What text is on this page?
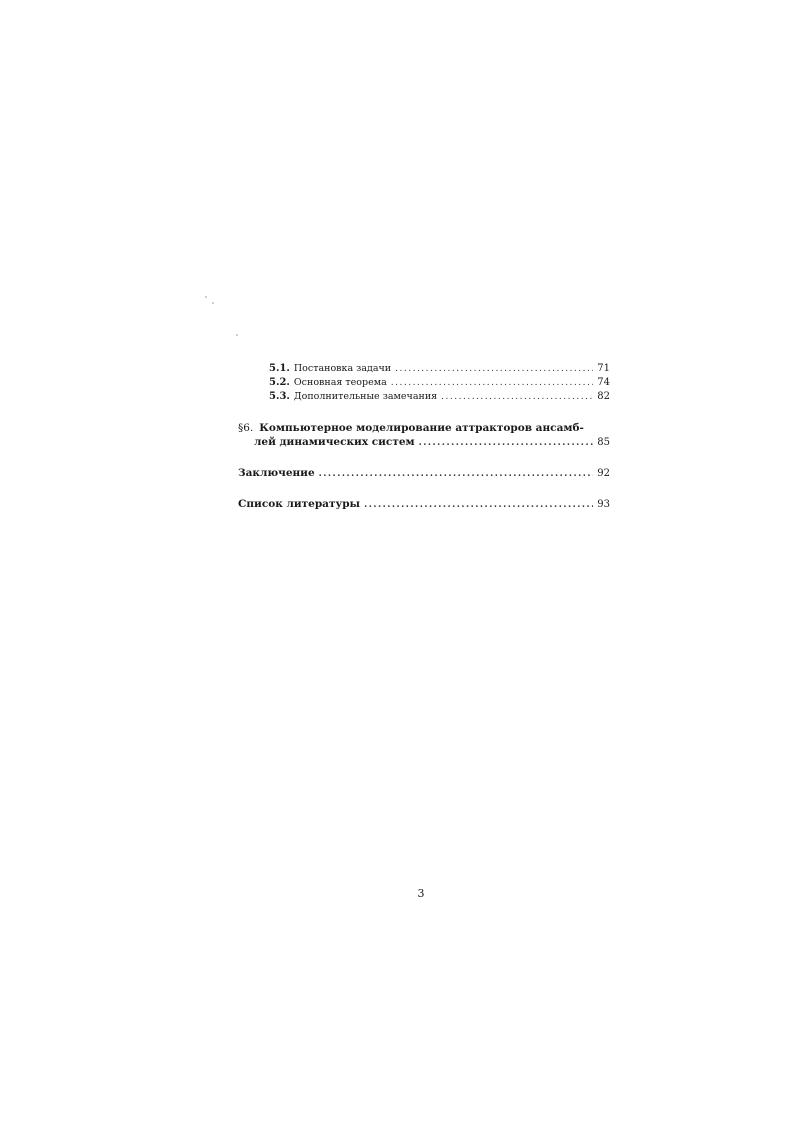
5.1. Постановка задачи .....	71
5.2. Основная теорема .....	74
5.3. Дополнительные замечания .....	82
§6. Компьютерное моделирование аттракторов ансамб-
лей динамических систем .....	85
Заключение .....	92
Список литературы .....	93
3
